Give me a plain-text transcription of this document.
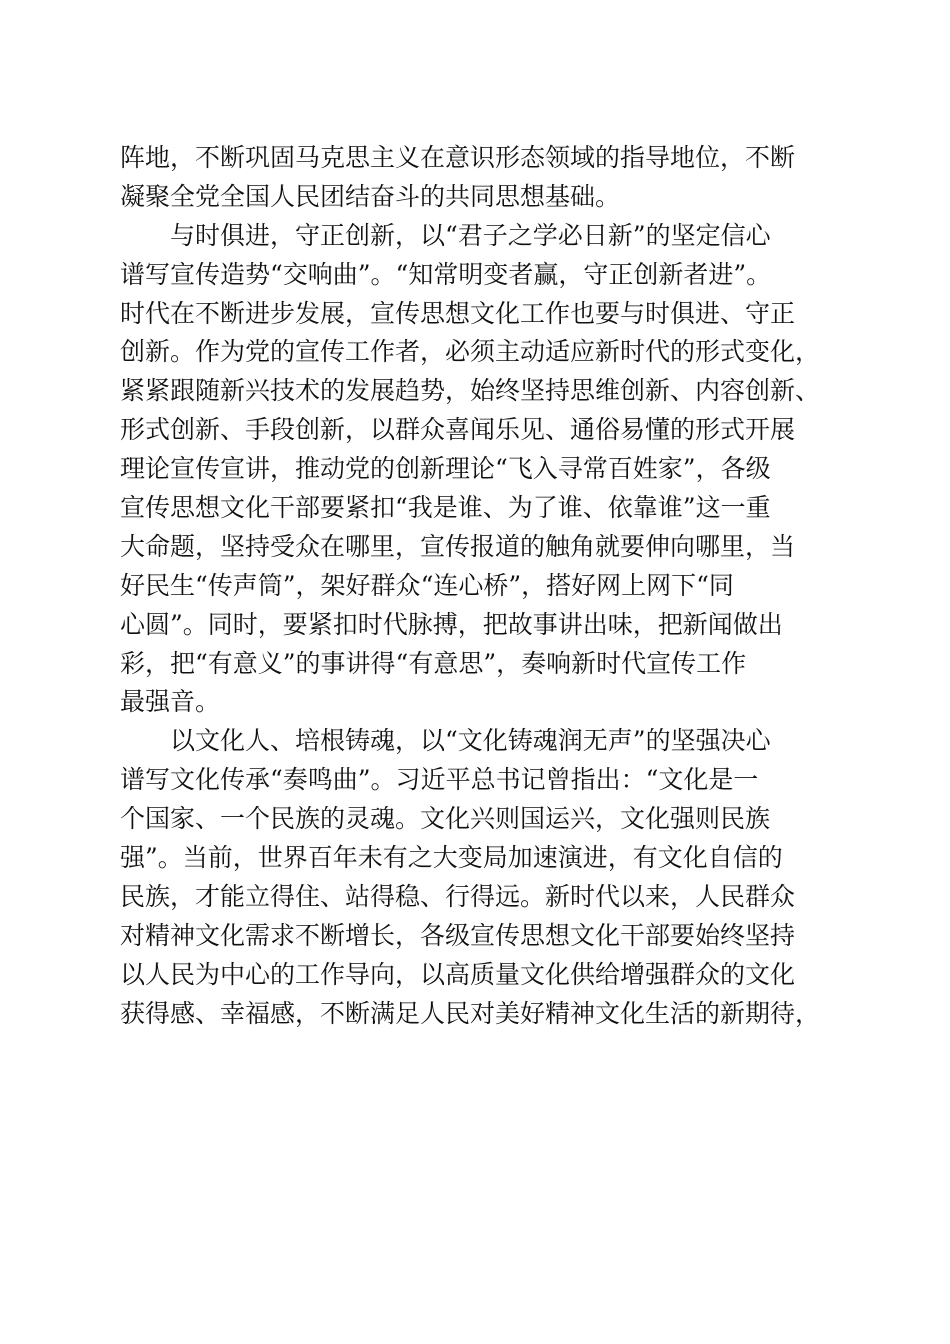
阵地，不断巩固马克思主义在意识形态领域的指导地位，不断
凝聚全党全国人民团结奋斗的共同思想基础。
　　与时俱进，守正创新，以“君子之学必日新”的坚定信心
谱写宣传造势“交响曲”。“知常明变者赢，守正创新者进”。
时代在不断进步发展，宣传思想文化工作也要与时俱进、守正
创新。作为党的宣传工作者，必须主动适应新时代的形式变化，
紧紧跟随新兴技术的发展趋势，始终坚持思维创新、内容创新、
形式创新、手段创新，以群众喜闻乐见、通俗易懂的形式开展
理论宣传宣讲，推动党的创新理论“飞入寻常百姓家”，各级
宣传思想文化干部要紧扣“我是谁、为了谁、依靠谁”这一重
大命题，坚持受众在哪里，宣传报道的触角就要伸向哪里，当
好民生“传声筒”，架好群众“连心桥”，搭好网上网下“同
心圆”。同时，要紧扣时代脉搏，把故事讲出味，把新闻做出
彩，把“有意义”的事讲得“有意思”，奏响新时代宣传工作
最强音。
　　以文化人、培根铸魂，以“文化铸魂润无声”的坚强决心
谱写文化传承“奏鸣曲”。习近平总书记曾指出：“文化是一
个国家、一个民族的灵魂。文化兴则国运兴，文化强则民族
强”。当前，世界百年未有之大变局加速演进，有文化自信的
民族，才能立得住、站得稳、行得远。新时代以来，人民群众
对精神文化需求不断增长，各级宣传思想文化干部要始终坚持
以人民为中心的工作导向，以高质量文化供给增强群众的文化
获得感、幸福感，不断满足人民对美好精神文化生活的新期待，
